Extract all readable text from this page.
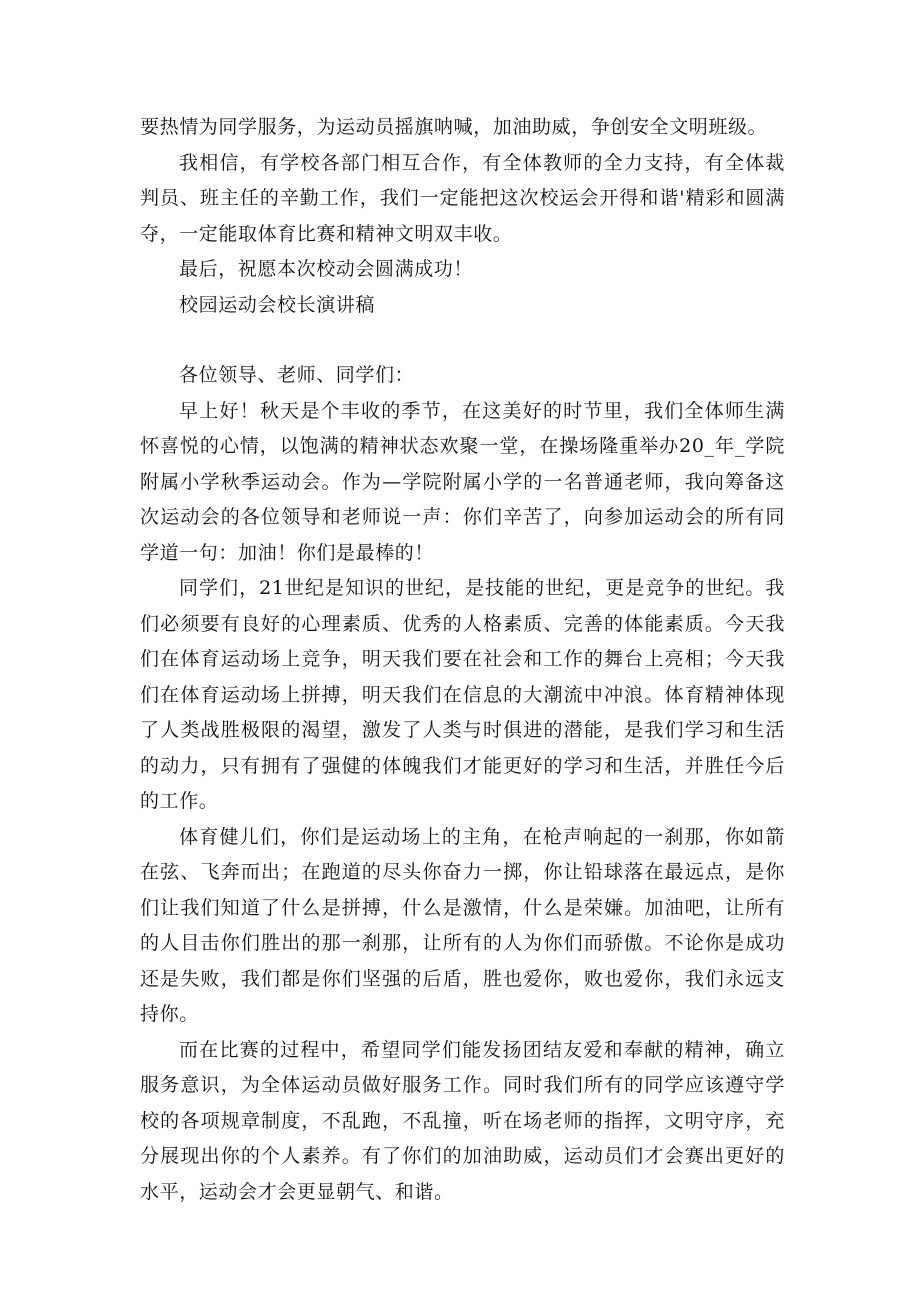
要热情为同学服务，为运动员摇旗呐喊，加油助威，争创安全文明班级。

我相信，有学校各部门相互合作，有全体教师的全力支持，有全体裁判员、班主任的辛勤工作，我们一定能把这次校运会开得和谐'精彩和圆满夺，一定能取体育比赛和精神文明双丰收。

最后，祝愿本次校动会圆满成功！

校园运动会校长演讲稿

各位领导、老师、同学们：

早上好！秋天是个丰收的季节，在这美好的时节里，我们全体师生满怀喜悦的心情，以饱满的精神状态欢聚一堂，在操场隆重举办20_年_学院附属小学秋季运动会。作为—学院附属小学的一名普通老师，我向筹备这次运动会的各位领导和老师说一声：你们辛苦了，向参加运动会的所有同学道一句：加油！你们是最棒的！

同学们，21世纪是知识的世纪，是技能的世纪，更是竞争的世纪。我们必须要有良好的心理素质、优秀的人格素质、完善的体能素质。今天我们在体育运动场上竞争，明天我们要在社会和工作的舞台上亮相；今天我们在体育运动场上拼搏，明天我们在信息的大潮流中冲浪。体育精神体现了人类战胜极限的渴望，激发了人类与时俱进的潜能，是我们学习和生活的动力，只有拥有了强健的体魄我们才能更好的学习和生活，并胜任今后的工作。

体育健儿们，你们是运动场上的主角，在枪声响起的一刹那，你如箭在弦、飞奔而出；在跑道的尽头你奋力一掷，你让铅球落在最远点，是你们让我们知道了什么是拼搏，什么是激情，什么是荣嫌。加油吧，让所有的人目击你们胜出的那一刹那，让所有的人为你们而骄傲。不论你是成功还是失败，我们都是你们坚强的后盾，胜也爱你，败也爱你，我们永远支持你。

而在比赛的过程中，希望同学们能发扬团结友爱和奉献的精神，确立服务意识，为全体运动员做好服务工作。同时我们所有的同学应该遵守学校的各项规章制度，不乱跑，不乱撞，听在场老师的指挥，文明守序，充分展现出你的个人素养。有了你们的加油助威，运动员们才会赛出更好的水平，运动会才会更显朝气、和谐。
